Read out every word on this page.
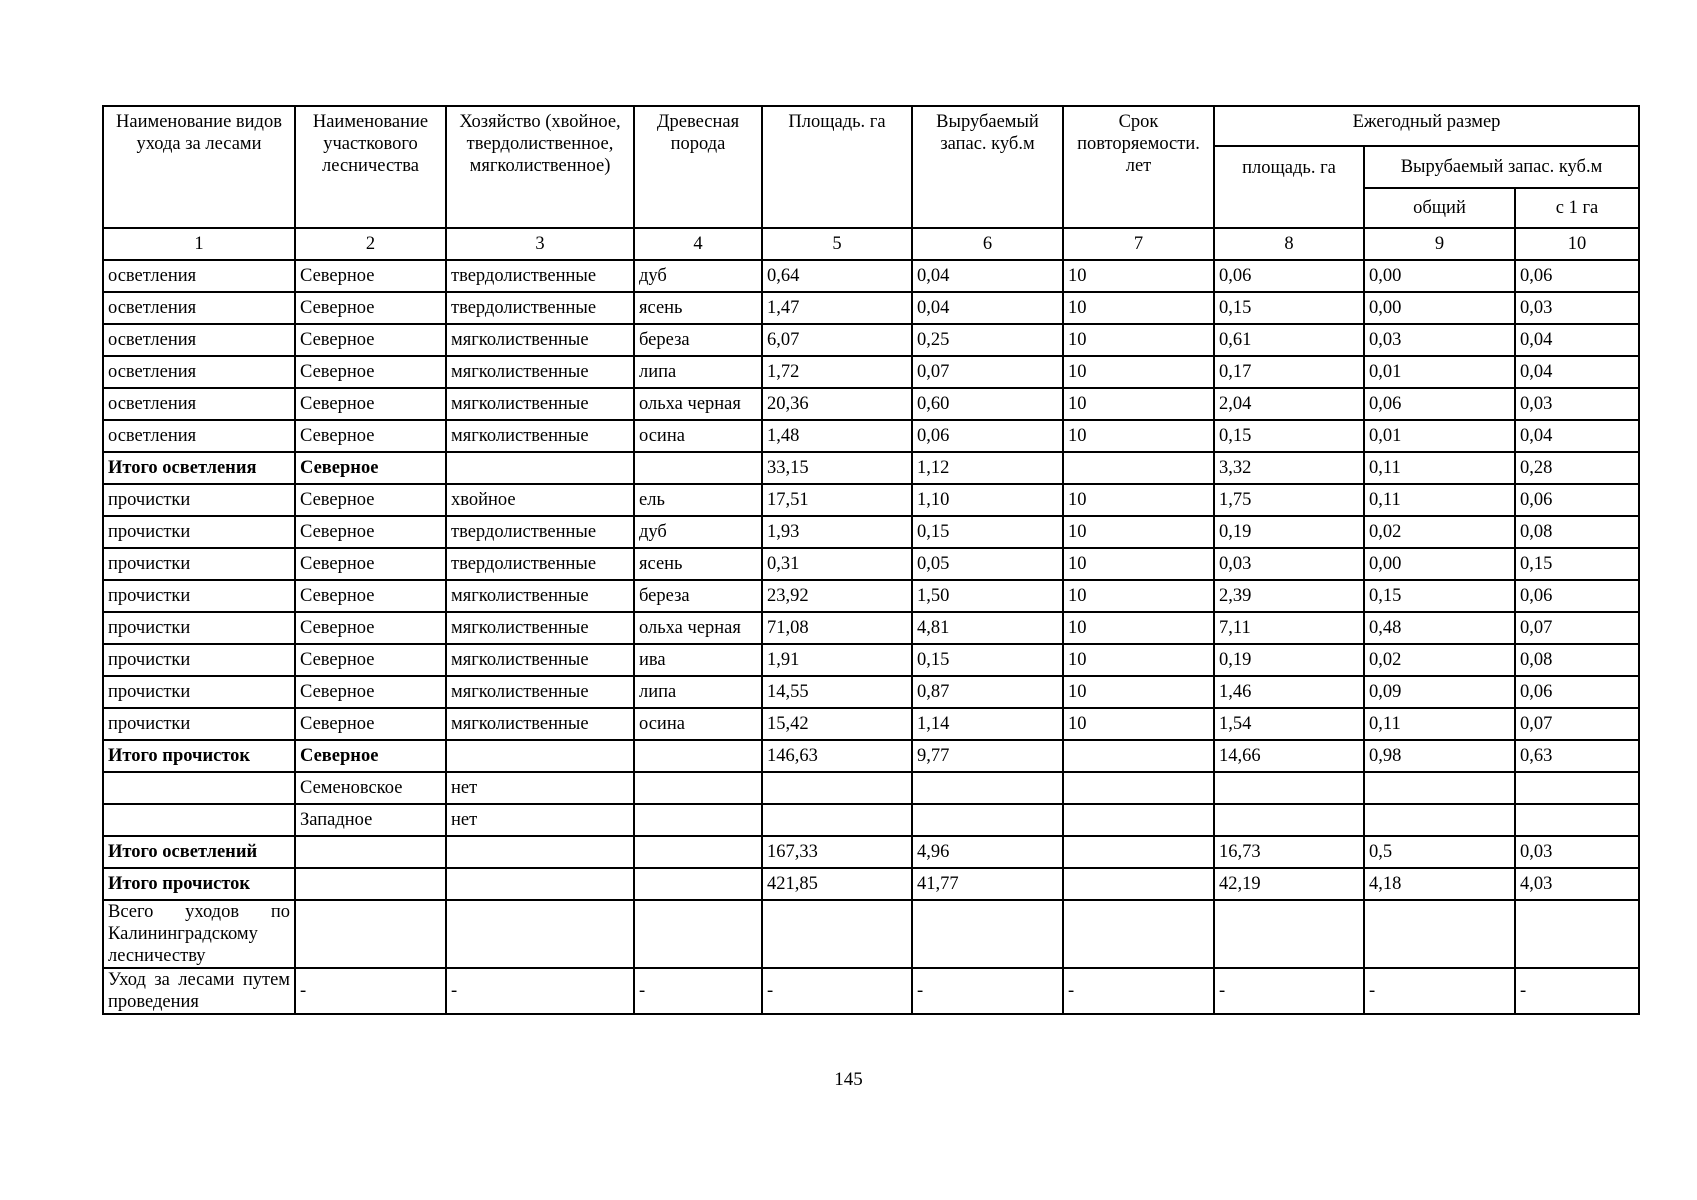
Наименование видов ухода за лесами	Наименование участкового лесничества	Хозяйство (хвойное, твердолиственное, мягколиственное)	Древесная порода	Площадь. га	Вырубаемый запас. куб.м	Срок повторяемости. лет	Ежегодный размер		
							площадь. га	Вырубаемый запас. куб.м	
								общий	с 1 га
1	2	3	4	5	6	7	8	9	10
осветления	Северное	твердолиственные	дуб	0,64	0,04	10	0,06	0,00	0,06
осветления	Северное	твердолиственные	ясень	1,47	0,04	10	0,15	0,00	0,03
осветления	Северное	мягколиственные	береза	6,07	0,25	10	0,61	0,03	0,04
осветления	Северное	мягколиственные	липа	1,72	0,07	10	0,17	0,01	0,04
осветления	Северное	мягколиственные	ольха черная	20,36	0,60	10	2,04	0,06	0,03
осветления	Северное	мягколиственные	осина	1,48	0,06	10	0,15	0,01	0,04
Итого осветления	Северное			33,15	1,12		3,32	0,11	0,28
прочистки	Северное	хвойное	ель	17,51	1,10	10	1,75	0,11	0,06
прочистки	Северное	твердолиственные	дуб	1,93	0,15	10	0,19	0,02	0,08
прочистки	Северное	твердолиственные	ясень	0,31	0,05	10	0,03	0,00	0,15
прочистки	Северное	мягколиственные	береза	23,92	1,50	10	2,39	0,15	0,06
прочистки	Северное	мягколиственные	ольха черная	71,08	4,81	10	7,11	0,48	0,07
прочистки	Северное	мягколиственные	ива	1,91	0,15	10	0,19	0,02	0,08
прочистки	Северное	мягколиственные	липа	14,55	0,87	10	1,46	0,09	0,06
прочистки	Северное	мягколиственные	осина	15,42	1,14	10	1,54	0,11	0,07
Итого прочисток	Северное			146,63	9,77		14,66	0,98	0,63
	Семеновское	нет							
	Западное	нет							
Итого осветлений				167,33	4,96		16,73	0,5	0,03
Итого прочисток				421,85	41,77		42,19	4,18	4,03
Всего уходов по Калининградскому лесничеству									
Уход за лесами путем проведения	-	-	-	-	-	-	-	-	-
145
